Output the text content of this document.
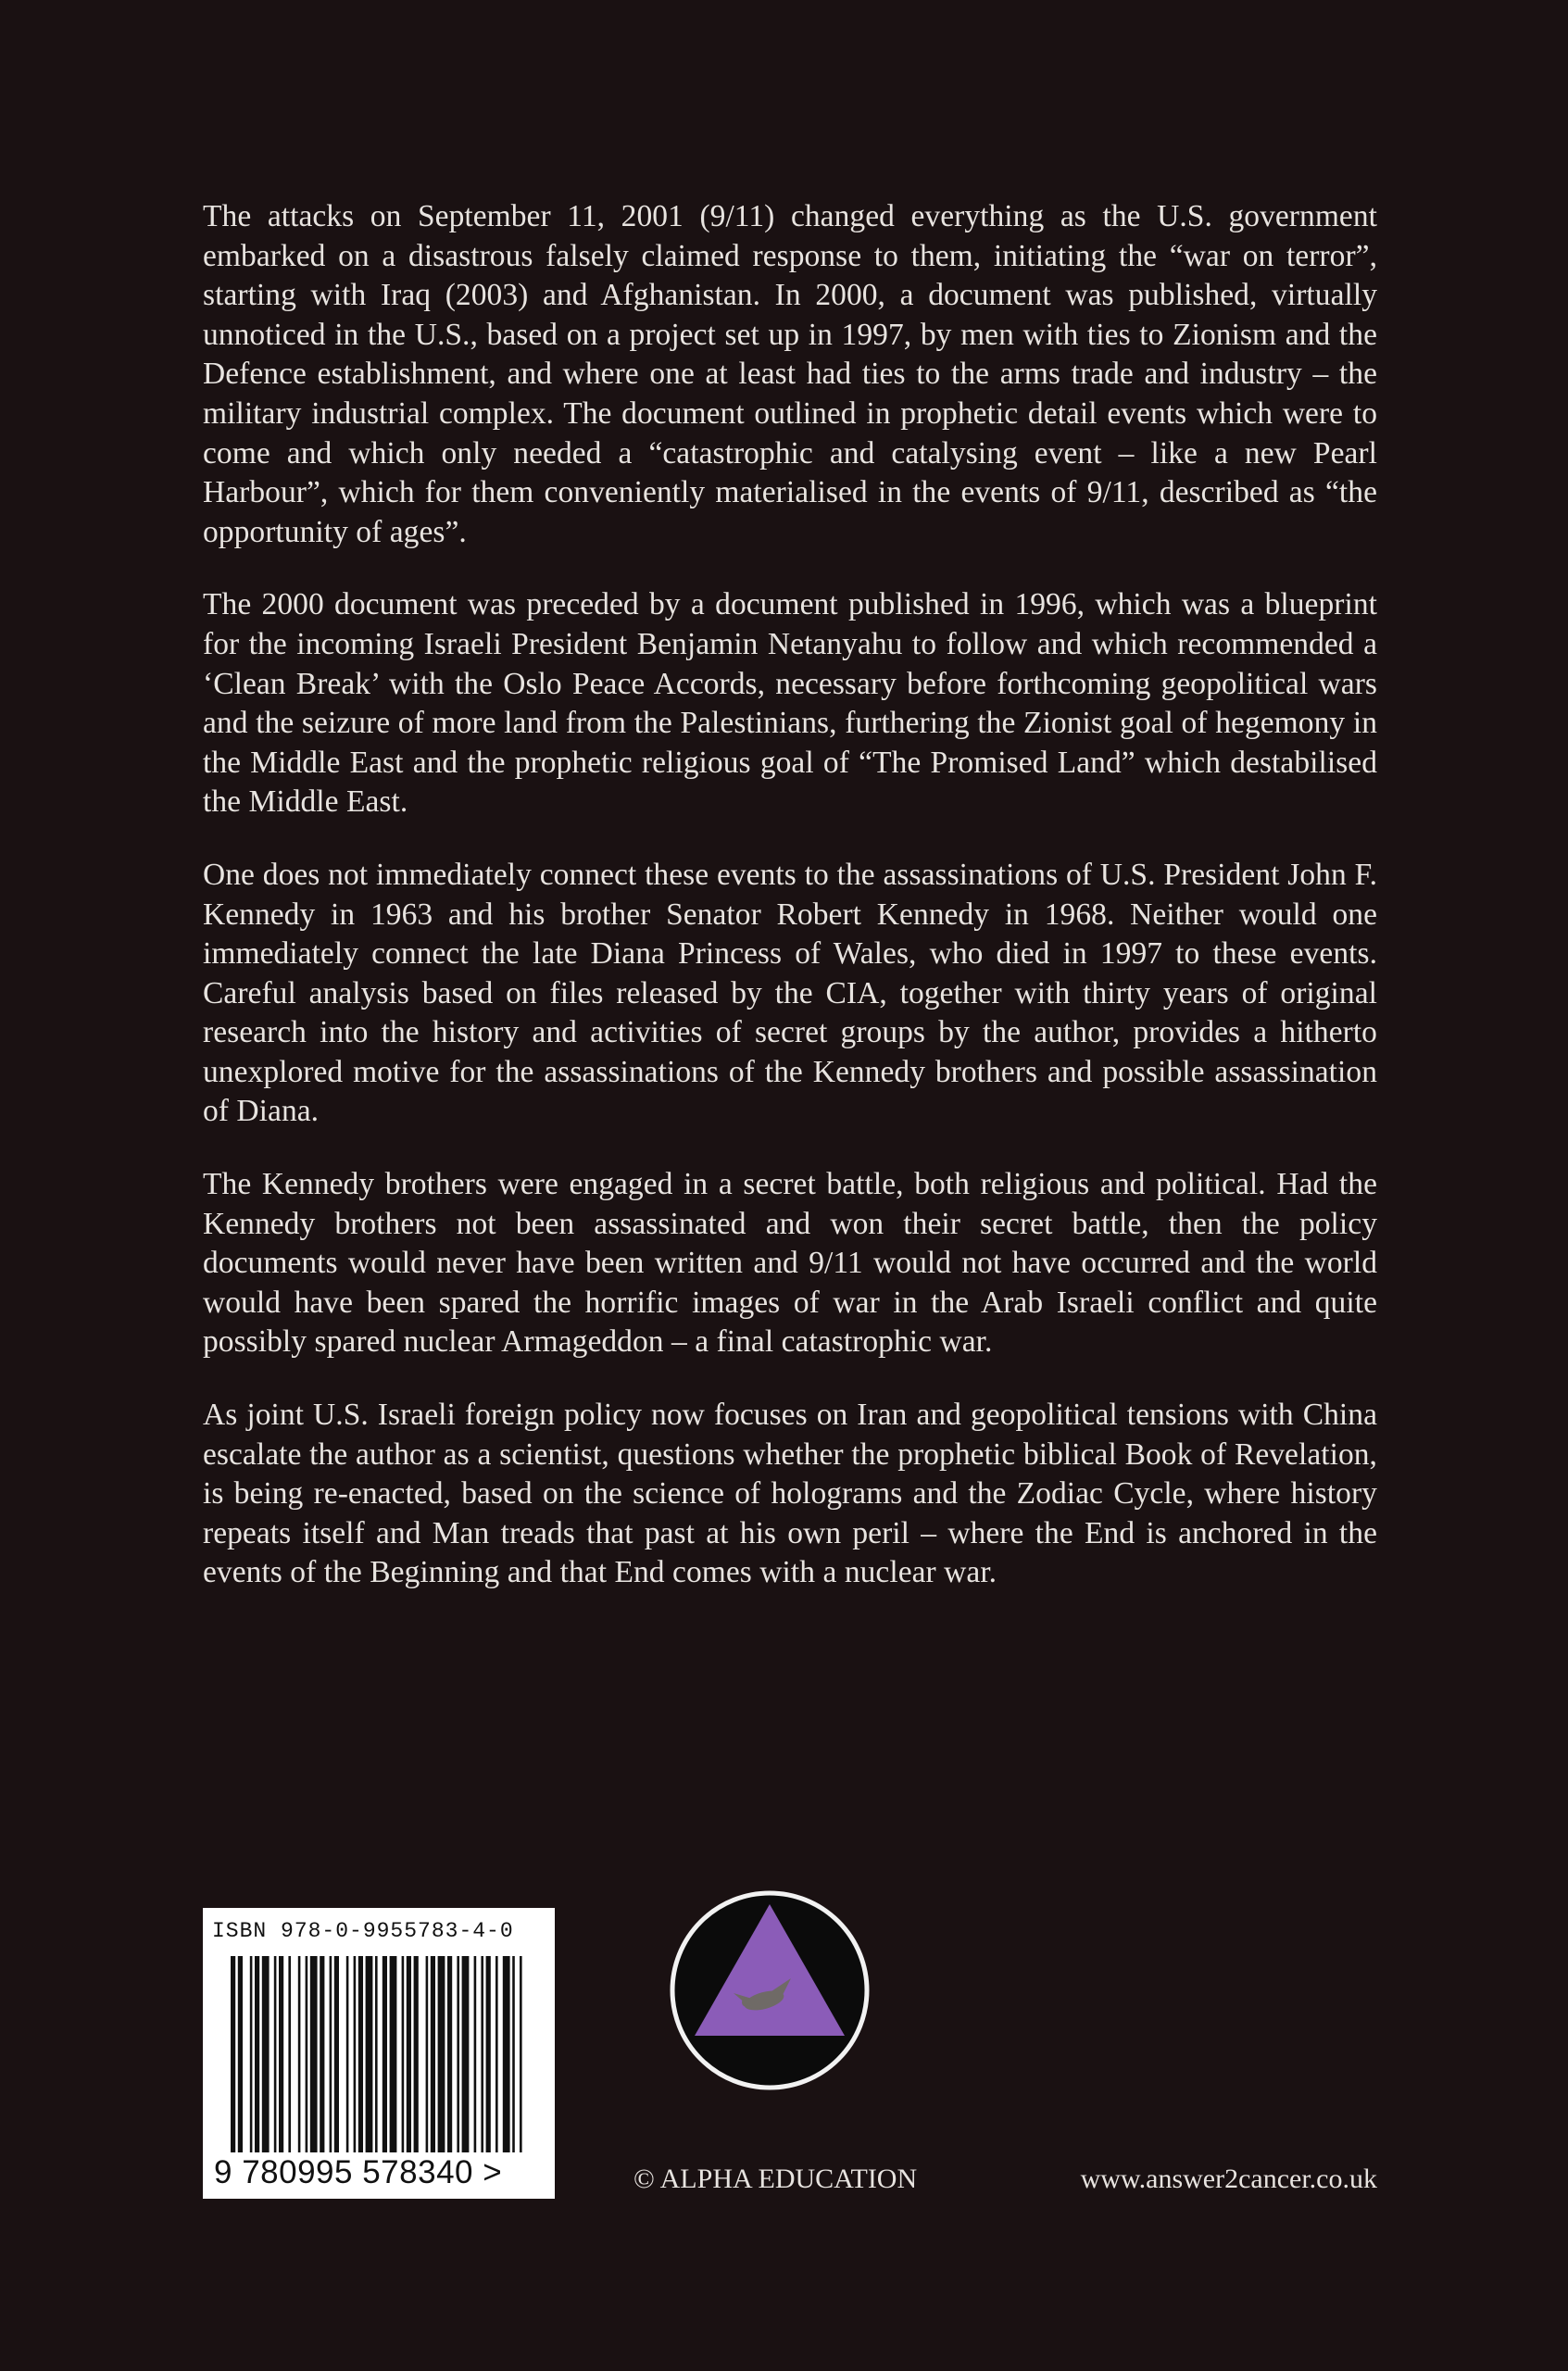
The attacks on September 11, 2001 (9/11) changed everything as the U.S. government embarked on a disastrous falsely claimed response to them, initiating the “war on terror”, starting with Iraq (2003) and Afghanistan. In 2000, a document was published, virtually unnoticed in the U.S., based on a project set up in 1997, by men with ties to Zionism and the Defence establishment, and where one at least had ties to the arms trade and industry – the military industrial complex. The document outlined in prophetic detail events which were to come and which only needed a “catastrophic and catalysing event – like a new Pearl Harbour”, which for them conveniently materialised in the events of 9/11, described as “the opportunity of ages”.

The 2000 document was preceded by a document published in 1996, which was a blueprint for the incoming Israeli President Benjamin Netanyahu to follow and which recommended a ‘Clean Break’ with the Oslo Peace Accords, necessary before forthcoming geopolitical wars and the seizure of more land from the Palestinians, furthering the Zionist goal of hegemony in the Middle East and the prophetic religious goal of “The Promised Land” which destabilised the Middle East.

One does not immediately connect these events to the assassinations of U.S. President John F. Kennedy in 1963 and his brother Senator Robert Kennedy in 1968. Neither would one immediately connect the late Diana Princess of Wales, who died in 1997 to these events. Careful analysis based on files released by the CIA, together with thirty years of original research into the history and activities of secret groups by the author, provides a hitherto unexplored motive for the assassinations of the Kennedy brothers and possible assassination of Diana.

The Kennedy brothers were engaged in a secret battle, both religious and political. Had the Kennedy brothers not been assassinated and won their secret battle, then the policy documents would never have been written and 9/11 would not have occurred and the world would have been spared the horrific images of war in the Arab Israeli conflict and quite possibly spared nuclear Armageddon – a final catastrophic war.

As joint U.S. Israeli foreign policy now focuses on Iran and geopolitical tensions with China escalate the author as a scientist, questions whether the prophetic biblical Book of Revelation, is being re-enacted, based on the science of holograms and the Zodiac Cycle, where history repeats itself and Man treads that past at his own peril – where the End is anchored in the events of the Beginning and that End comes with a nuclear war.

ISBN 978-0-9955783-4-0
9 780995 578340 >	© ALPHA EDUCATION	www.answer2cancer.co.uk
